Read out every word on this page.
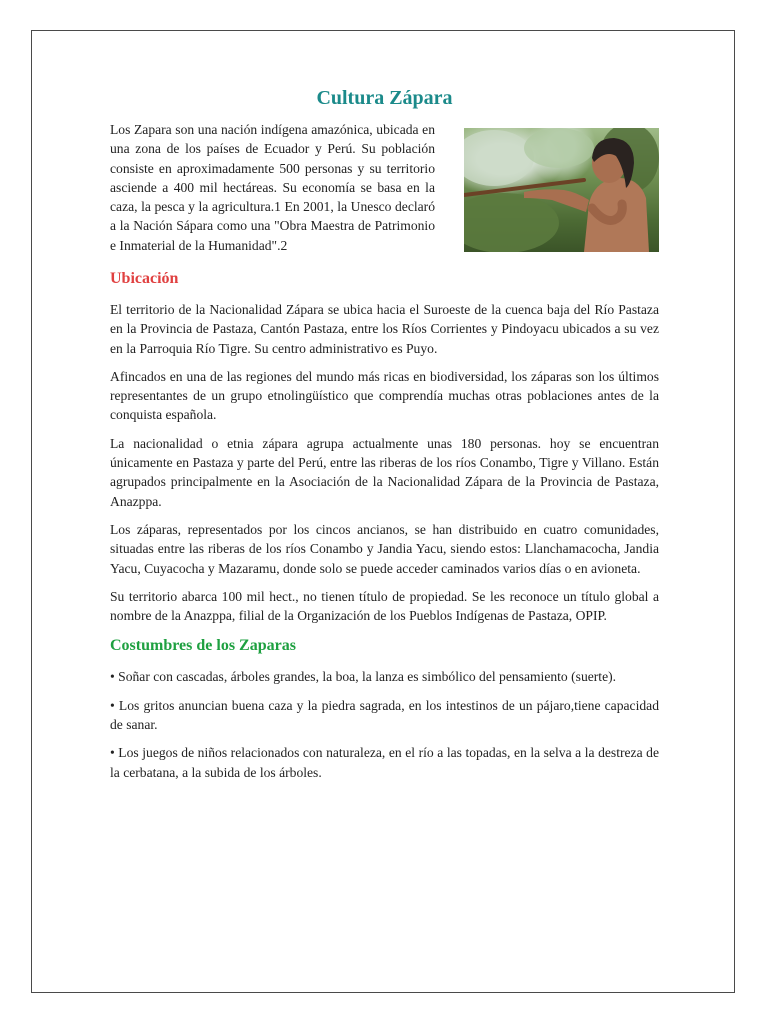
Cultura Zápara

Los Zapara son una nación indígena amazónica, ubicada en una zona de los países de Ecuador y Perú. Su población consiste en aproximadamente 500 personas y su territorio asciende a 400 mil hectáreas. Su economía se basa en la caza, la pesca y la agricultura.1 En 2001, la Unesco declaró a la Nación Sápara como una "Obra Maestra de Patrimonio e Inmaterial de la Humanidad".2

Ubicación

El territorio de la Nacionalidad Zápara se ubica hacia el Suroeste de la cuenca baja del Río Pastaza en la Provincia de Pastaza, Cantón Pastaza, entre los Ríos Corrientes y Pindoyacu ubicados a su vez en la Parroquia Río Tigre. Su centro administrativo es Puyo.

Afincados en una de las regiones del mundo más ricas en biodiversidad, los záparas son los últimos representantes de un grupo etnolingüístico que comprendía muchas otras poblaciones antes de la conquista española.

La nacionalidad o etnia zápara agrupa actualmente unas 180 personas. hoy se encuentran únicamente en Pastaza y parte del Perú, entre las riberas de los ríos Conambo, Tigre y Villano. Están agrupados principalmente en la Asociación de la Nacionalidad Zápara de la Provincia de Pastaza, Anazppa.

Los záparas, representados por los cincos ancianos, se han distribuido en cuatro comunidades, situadas entre las riberas de los ríos Conambo y Jandia Yacu, siendo estos: Llanchamacocha, Jandia Yacu, Cuyacocha y Mazaramu, donde solo se puede acceder caminados varios días o en avioneta.

Su territorio abarca 100 mil hect., no tienen título de propiedad. Se les reconoce un título global a nombre de la Anazppa, filial de la Organización de los Pueblos Indígenas de Pastaza, OPIP.

Costumbres de los Zaparas

• Soñar con cascadas, árboles grandes, la boa, la lanza es simbólico del pensamiento (suerte).

• Los gritos anuncian buena caza y la piedra sagrada, en los intestinos de un pájaro,tiene capacidad de sanar.

• Los juegos de niños relacionados con naturaleza, en el río a las topadas, en la selva a la destreza de la cerbatana, a la subida de los árboles.
